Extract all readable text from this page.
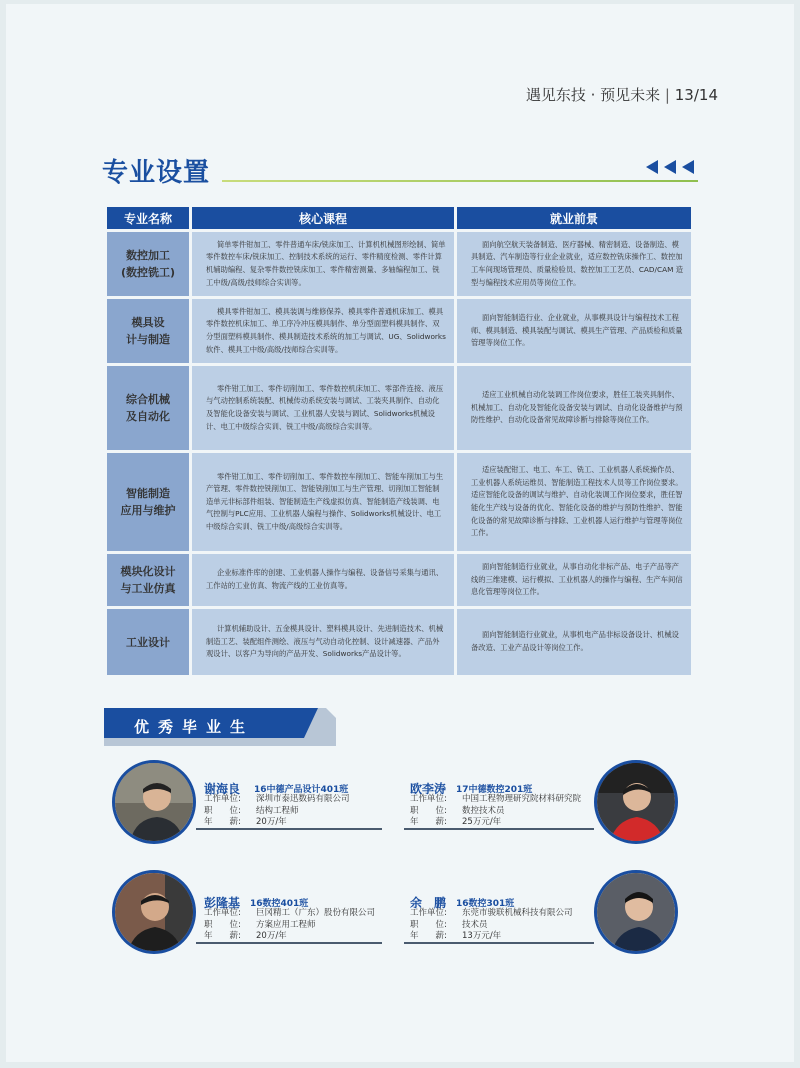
遇见东技 · 预见未来 | 13/14
专业设置
专业名称	核心课程	就业前景
数控加工
(数控铣工)	简单零件钳加工、零件普通车床/铣床加工、计算机机械图形绘制、简单零件数控车床/铣床加工、控制技术系统的运行、零件精度检测、零件计算机辅助编程、复杂零件数控铣床加工、零件精密测量、多轴编程加工、铣工中级/高级/技师综合实训等。	面向航空航天装备制造、医疗器械、精密制造、设备制造、模具制造、汽车制造等行业企业就业，适应数控铣床操作工、数控加工车间现场管理员、质量检验员、数控加工工艺员、CAD/CAM 造型与编程技术应用员等岗位工作。
模具设
计与制造	模具零件钳加工、模具装调与维修保养、模具零件普通机床加工、模具零件数控机床加工、单工序冷冲压模具制作、单分型面塑料模具制作、双分型面塑料模具制作、模具制造技术系统的加工与调试、UG、Solidworks软件、模具工中级/高级/技师综合实训等。	面向智能制造行业、企业就业，从事模具设计与编程技术工程师、模具制造、模具装配与调试、模具生产管理、产品质检和质量管理等岗位工作。
综合机械
及自动化	零件钳工加工、零件切削加工、零件数控机床加工、零部件连接、液压与气动控制系统装配、机械传动系统安装与调试、工装夹具制作、自动化及智能化设备安装与调试、工业机器人安装与调试、Solidworks机械设计、电工中级综合实训、铣工中级/高级综合实训等。	适应工业机械自动化装调工作岗位要求，胜任工装夹具制作、机械加工、自动化及智能化设备安装与调试、自动化设备维护与预防性维护、自动化设备常见故障诊断与排除等岗位工作。
智能制造
应用与维护	零件钳工加工、零件切削加工、零件数控车削加工、智能车削加工与生产管理、零件数控铣削加工、智能铣削加工与生产管理、切削加工智能制造单元非标部件组装、智能制造生产线虚拟仿真、智能制造产线装调、电气控制与PLC应用、工业机器人编程与操作、Solidworks机械设计、电工中级综合实训、铣工中级/高级综合实训等。	适应装配钳工、电工、车工、铣工、工业机器人系统操作员、工业机器人系统运维员、智能制造工程技术人员等工作岗位要求。适应智能化设备的调试与维护、自动化装调工作岗位要求，胜任智能化生产线与设备的优化、智能化设备的维护与预防性维护、智能化设备的常见故障诊断与排除、工业机器人运行维护与管理等岗位工作。
模块化设计
与工业仿真	企业标准件库的创建、工业机器人操作与编程、设备信号采集与通讯、工作站的工业仿真、物流产线的工业仿真等。	面向智能制造行业就业，从事自动化非标产品、电子产品等产线的三维建模、运行模拟、工业机器人的操作与编程、生产车间信息化管理等岗位工作。
工业设计	计算机辅助设计、五金模具设计、塑料模具设计、先进制造技术、机械制造工艺、装配组件测绘、液压与气动自动化控制、设计减速器、产品外观设计、以客户为导向的产品开发、Solidworks产品设计等。	面向智能制造行业就业，从事机电产品非标设备设计、机械设备改造、工业产品设计等岗位工作。
优秀毕业生
谢海良 16中德产品设计401班
工作单位:	深圳市泰迅数码有限公司
职　　位:	结构工程师
年　　薪:	20万/年
欧李涛 17中德数控201班
工作单位:	中国工程物理研究院材料研究院
职　　位:	数控技术员
年　　薪:	25万元/年
彭隆基 16数控401班
工作单位:	巨冈精工（广东）股份有限公司
职　　位:	方案应用工程师
年　　薪:	20万/年
余　鹏 16数控301班
工作单位:	东莞市骏联机械科技有限公司
职　　位:	技术员
年　　薪:	13万元/年
